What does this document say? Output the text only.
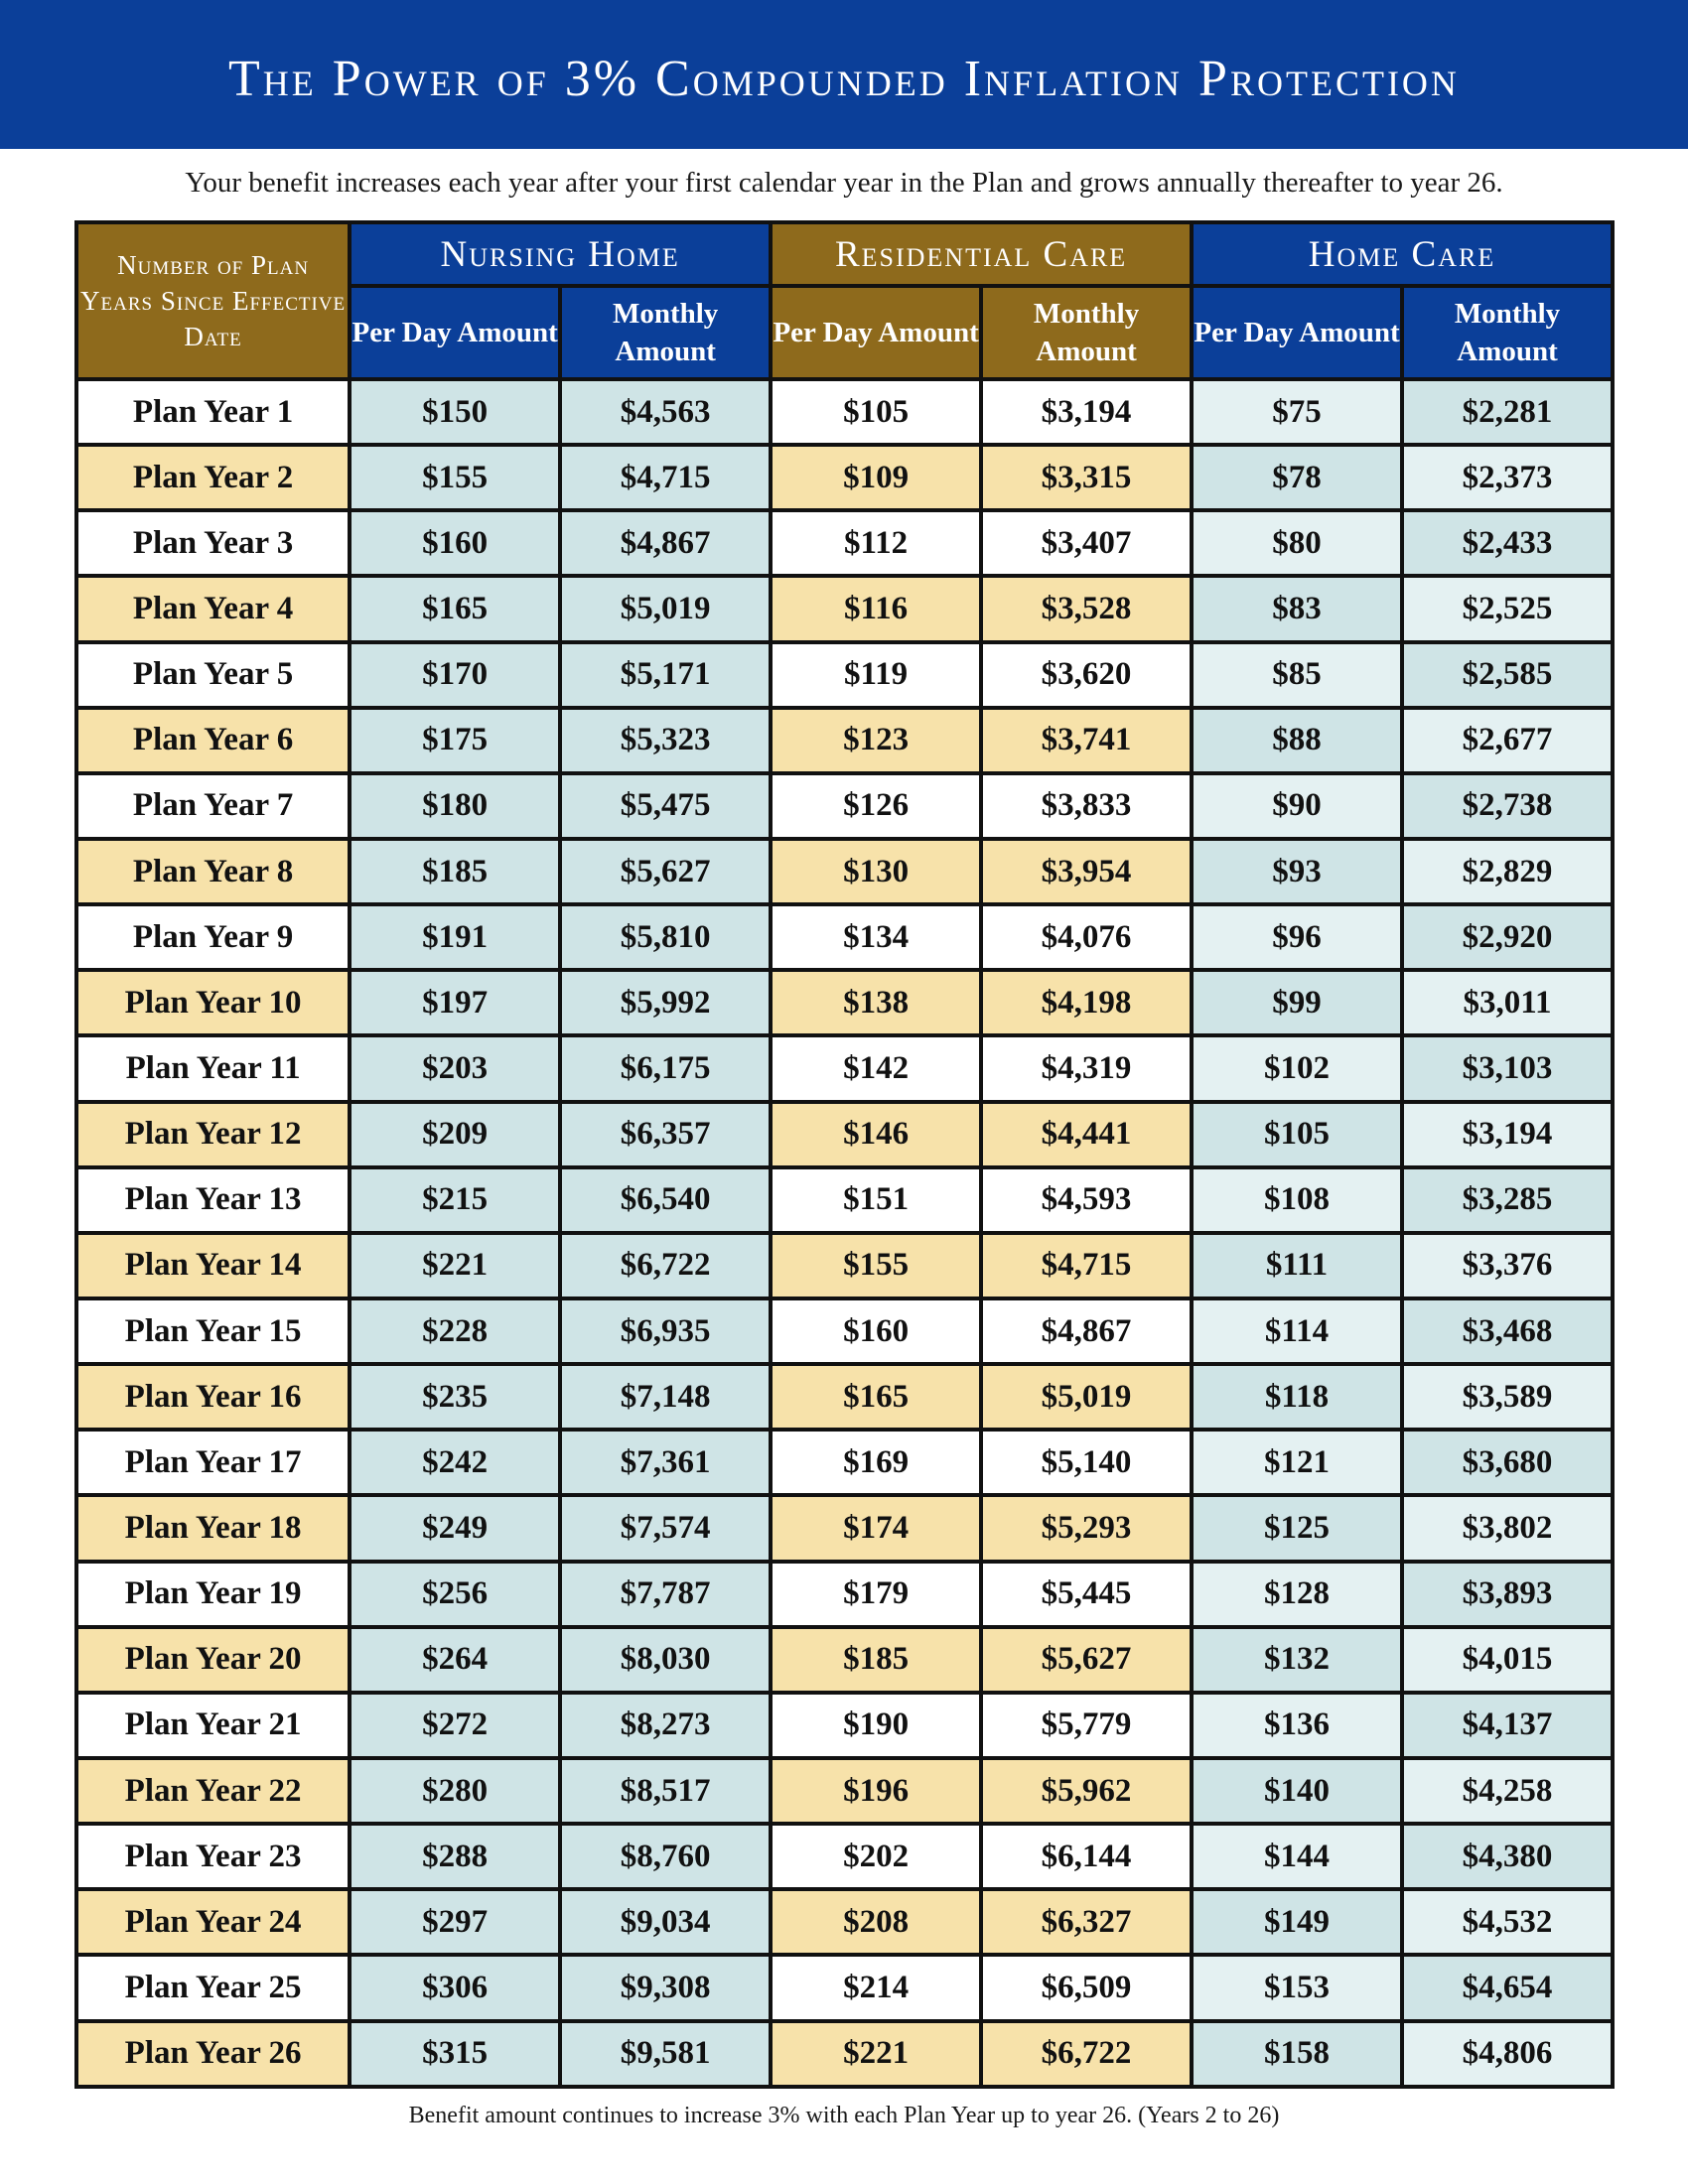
The Power of 3% Compounded Inflation Protection
Your benefit increases each year after your first calendar year in the Plan and grows annually thereafter to year 26.
Number of Plan Years Since Effective Date	Nursing Home		Residential Care		Home Care	
	Per Day Amount	Monthly Amount	Per Day Amount	Monthly Amount	Per Day Amount	Monthly Amount
Plan Year 1	$150	$4,563	$105	$3,194	$75	$2,281
Plan Year 2	$155	$4,715	$109	$3,315	$78	$2,373
Plan Year 3	$160	$4,867	$112	$3,407	$80	$2,433
Plan Year 4	$165	$5,019	$116	$3,528	$83	$2,525
Plan Year 5	$170	$5,171	$119	$3,620	$85	$2,585
Plan Year 6	$175	$5,323	$123	$3,741	$88	$2,677
Plan Year 7	$180	$5,475	$126	$3,833	$90	$2,738
Plan Year 8	$185	$5,627	$130	$3,954	$93	$2,829
Plan Year 9	$191	$5,810	$134	$4,076	$96	$2,920
Plan Year 10	$197	$5,992	$138	$4,198	$99	$3,011
Plan Year 11	$203	$6,175	$142	$4,319	$102	$3,103
Plan Year 12	$209	$6,357	$146	$4,441	$105	$3,194
Plan Year 13	$215	$6,540	$151	$4,593	$108	$3,285
Plan Year 14	$221	$6,722	$155	$4,715	$111	$3,376
Plan Year 15	$228	$6,935	$160	$4,867	$114	$3,468
Plan Year 16	$235	$7,148	$165	$5,019	$118	$3,589
Plan Year 17	$242	$7,361	$169	$5,140	$121	$3,680
Plan Year 18	$249	$7,574	$174	$5,293	$125	$3,802
Plan Year 19	$256	$7,787	$179	$5,445	$128	$3,893
Plan Year 20	$264	$8,030	$185	$5,627	$132	$4,015
Plan Year 21	$272	$8,273	$190	$5,779	$136	$4,137
Plan Year 22	$280	$8,517	$196	$5,962	$140	$4,258
Plan Year 23	$288	$8,760	$202	$6,144	$144	$4,380
Plan Year 24	$297	$9,034	$208	$6,327	$149	$4,532
Plan Year 25	$306	$9,308	$214	$6,509	$153	$4,654
Plan Year 26	$315	$9,581	$221	$6,722	$158	$4,806
Benefit amount continues to increase 3% with each Plan Year up to year 26. (Years 2 to 26)
